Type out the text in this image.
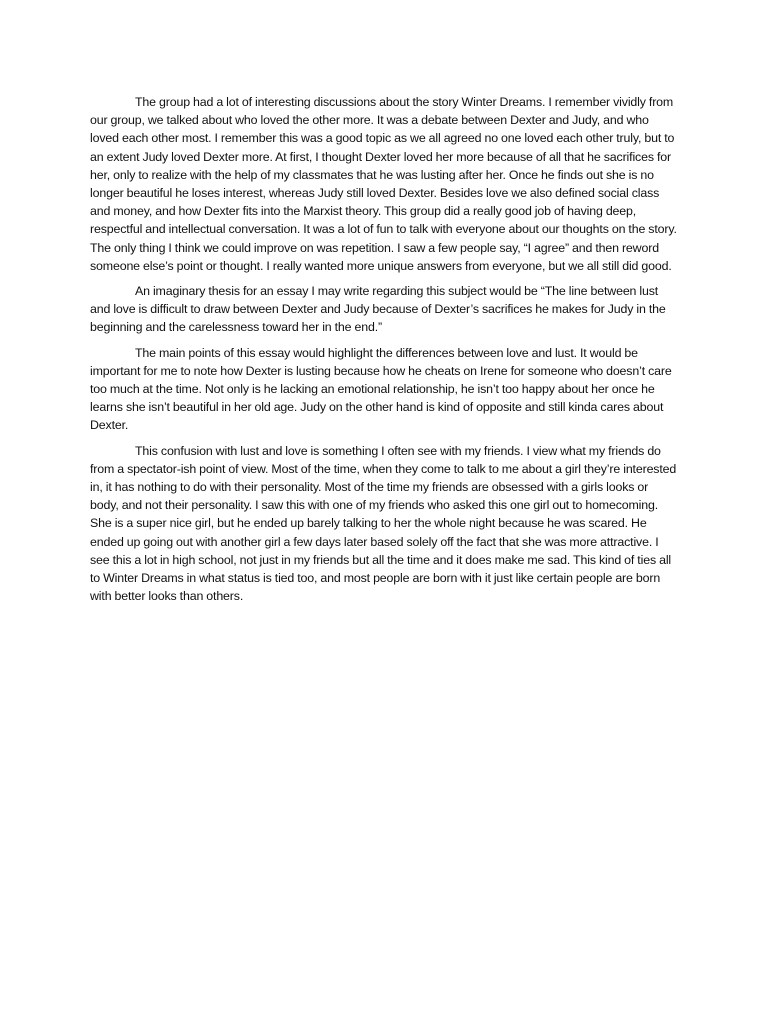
The group had a lot of interesting discussions about the story Winter Dreams. I remember vividly from our group, we talked about who loved the other more. It was a debate between Dexter and Judy, and who loved each other most. I remember this was a good topic as we all agreed no one loved each other truly, but to an extent Judy loved Dexter more. At first, I thought Dexter loved her more because of all that he sacrifices for her, only to realize with the help of my classmates that he was lusting after her. Once he finds out she is no longer beautiful he loses interest, whereas Judy still loved Dexter. Besides love we also defined social class and money, and how Dexter fits into the Marxist theory. This group did a really good job of having deep, respectful and intellectual conversation. It was a lot of fun to talk with everyone about our thoughts on the story. The only thing I think we could improve on was repetition. I saw a few people say, “I agree” and then reword someone else’s point or thought. I really wanted more unique answers from everyone, but we all still did good.

An imaginary thesis for an essay I may write regarding this subject would be “The line between lust and love is difficult to draw between Dexter and Judy because of Dexter’s sacrifices he makes for Judy in the beginning and the carelessness toward her in the end.”

The main points of this essay would highlight the differences between love and lust. It would be important for me to note how Dexter is lusting because how he cheats on Irene for someone who doesn’t care too much at the time. Not only is he lacking an emotional relationship, he isn’t too happy about her once he learns she isn’t beautiful in her old age. Judy on the other hand is kind of opposite and still kinda cares about Dexter.

This confusion with lust and love is something I often see with my friends. I view what my friends do from a spectator-ish point of view. Most of the time, when they come to talk to me about a girl they’re interested in, it has nothing to do with their personality. Most of the time my friends are obsessed with a girls looks or body, and not their personality. I saw this with one of my friends who asked this one girl out to homecoming. She is a super nice girl, but he ended up barely talking to her the whole night because he was scared. He ended up going out with another girl a few days later based solely off the fact that she was more attractive. I see this a lot in high school, not just in my friends but all the time and it does make me sad. This kind of ties all to Winter Dreams in what status is tied too, and most people are born with it just like certain people are born with better looks than others.
